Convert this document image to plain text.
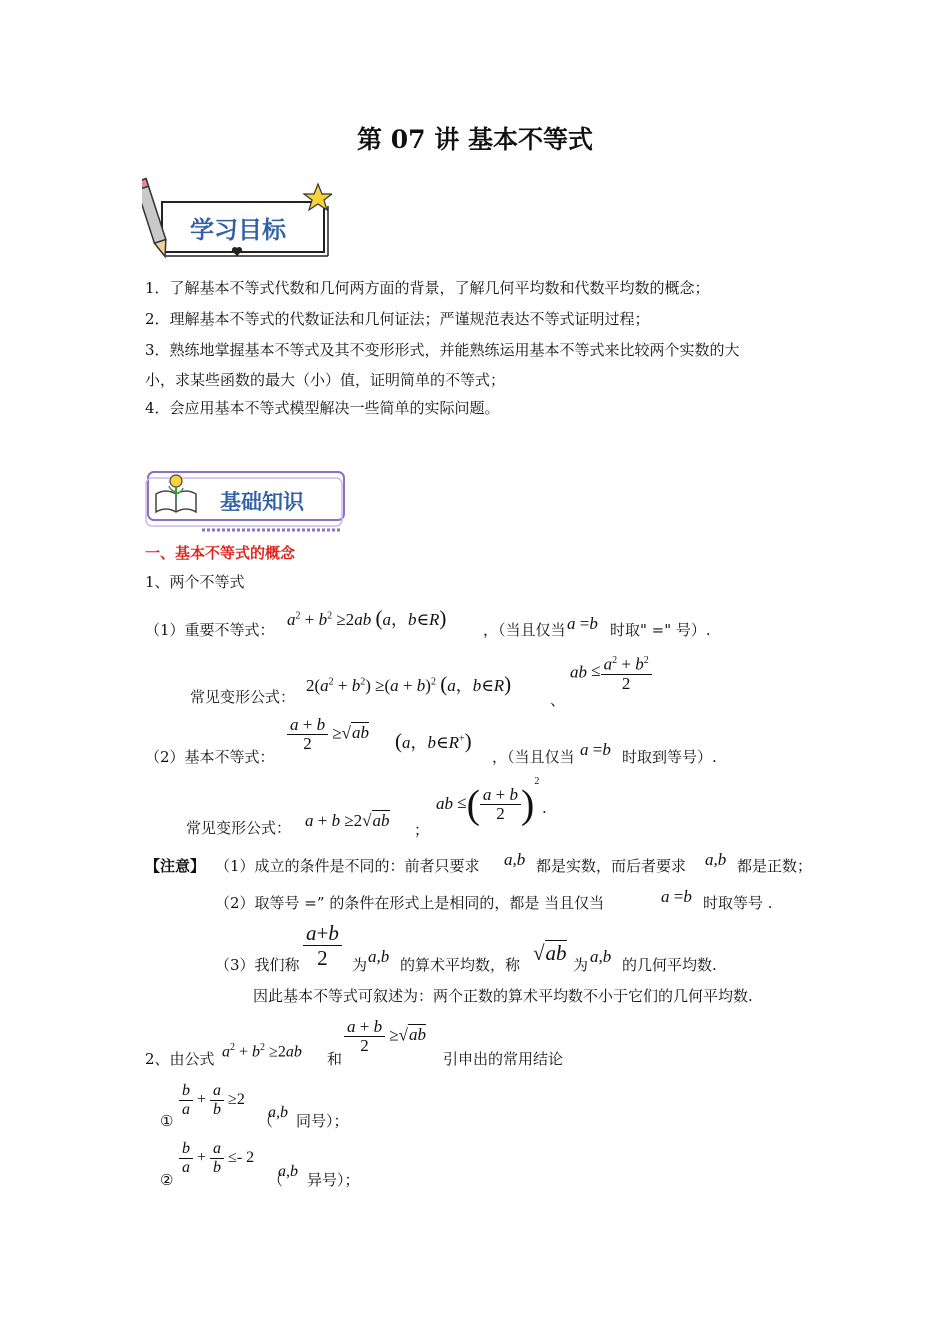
第 07 讲 基本不等式
学习目标
1．了解基本不等式代数和几何两方面的背景，了解几何平均数和代数平均数的概念；
2．理解基本不等式的代数证法和几何证法；严谨规范表达不等式证明过程；
3．熟练地掌握基本不等式及其不变形形式，并能熟练运用基本不等式来比较两个实数的大
小，求某些函数的最大（小）值，证明简单的不等式；
4．会应用基本不等式模型解决一些简单的实际问题。
基础知识
一、基本不等式的概念
1、两个不等式
（1）重要不等式：
$a^2 + b^2 \ge 2ab$ (a，b∈R) ，（当且仅当 a =b 时取" =" 号）.
常见变形公式：
$2(a^2 + b^2) \ge(a + b)^2$ (a，b∈R)
、
ab ≤ $\frac{a^2 + b^2}{2}$
（2）基本不等式：
$\frac{a + b}{2} \ge√ab$ (a，b∈R+)
，（当且仅当 a =b 时取到等号）.
常见变形公式： a + b ≥2√ab ；
ab ≤( $\frac{a + b}{2} )^2$
.
【注意】 （1）成立的条件是不同的：前者只要求 a,b 都是实数，而后者要求 a,b 都是正数；
（2）取等号 =” 的条件在形式上是相同的，都是 当且仅当	a =b 时取等号 .
（3）我们称 $\frac{a+b}{2}$ 为 a,b 的算术平均数，称 √ab 为 a,b 的几何平均数.
因此基本不等式可叙述为：两个正数的算术平均数不小于它们的几何平均数.
2、由公式 $a^2 + b^2 \ge 2ab$ 和
$\frac{a + b}{2} \ge√ab$
引申出的常用结论
①
$\frac{b}{a} + \frac{a}{b} \ge 2$
（
a,b 同号）；
②
$\frac{b}{a} + \frac{a}{b} \le- 2$
（
a,b 异号）；
